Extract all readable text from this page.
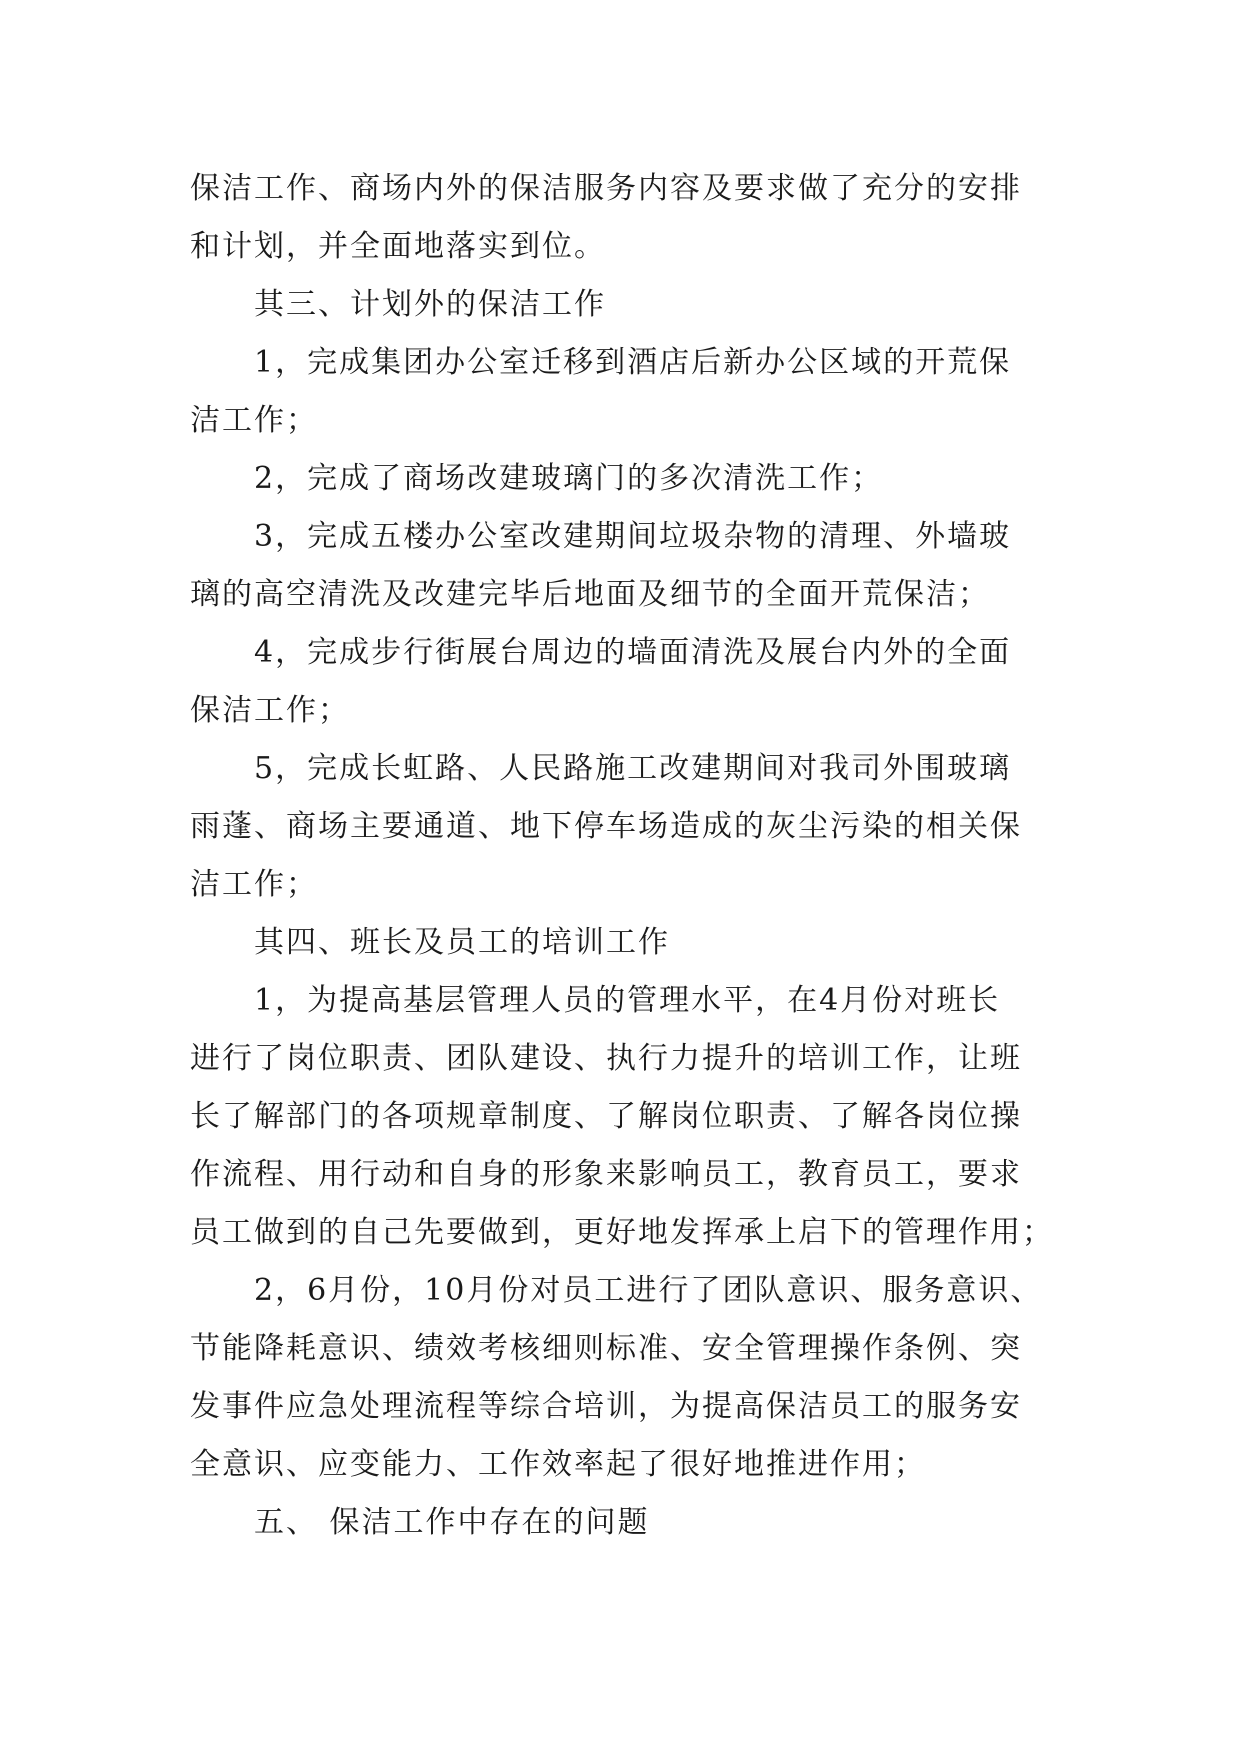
保洁工作、商场内外的保洁服务内容及要求做了充分的安排
和计划，并全面地落实到位。
其三、计划外的保洁工作
1，完成集团办公室迁移到酒店后新办公区域的开荒保
洁工作；
2，完成了商场改建玻璃门的多次清洗工作；
3，完成五楼办公室改建期间垃圾杂物的清理、外墙玻
璃的高空清洗及改建完毕后地面及细节的全面开荒保洁；
4，完成步行街展台周边的墙面清洗及展台内外的全面
保洁工作；
5，完成长虹路、人民路施工改建期间对我司外围玻璃
雨蓬、商场主要通道、地下停车场造成的灰尘污染的相关保
洁工作；
其四、班长及员工的培训工作
1，为提高基层管理人员的管理水平，在4月份对班长
进行了岗位职责、团队建设、执行力提升的培训工作，让班
长了解部门的各项规章制度、了解岗位职责、了解各岗位操
作流程、用行动和自身的形象来影响员工，教育员工，要求
员工做到的自己先要做到，更好地发挥承上启下的管理作用；
2，6月份，10月份对员工进行了团队意识、服务意识、
节能降耗意识、绩效考核细则标准、安全管理操作条例、突
发事件应急处理流程等综合培训，为提高保洁员工的服务安
全意识、应变能力、工作效率起了很好地推进作用；
五、 保洁工作中存在的问题
